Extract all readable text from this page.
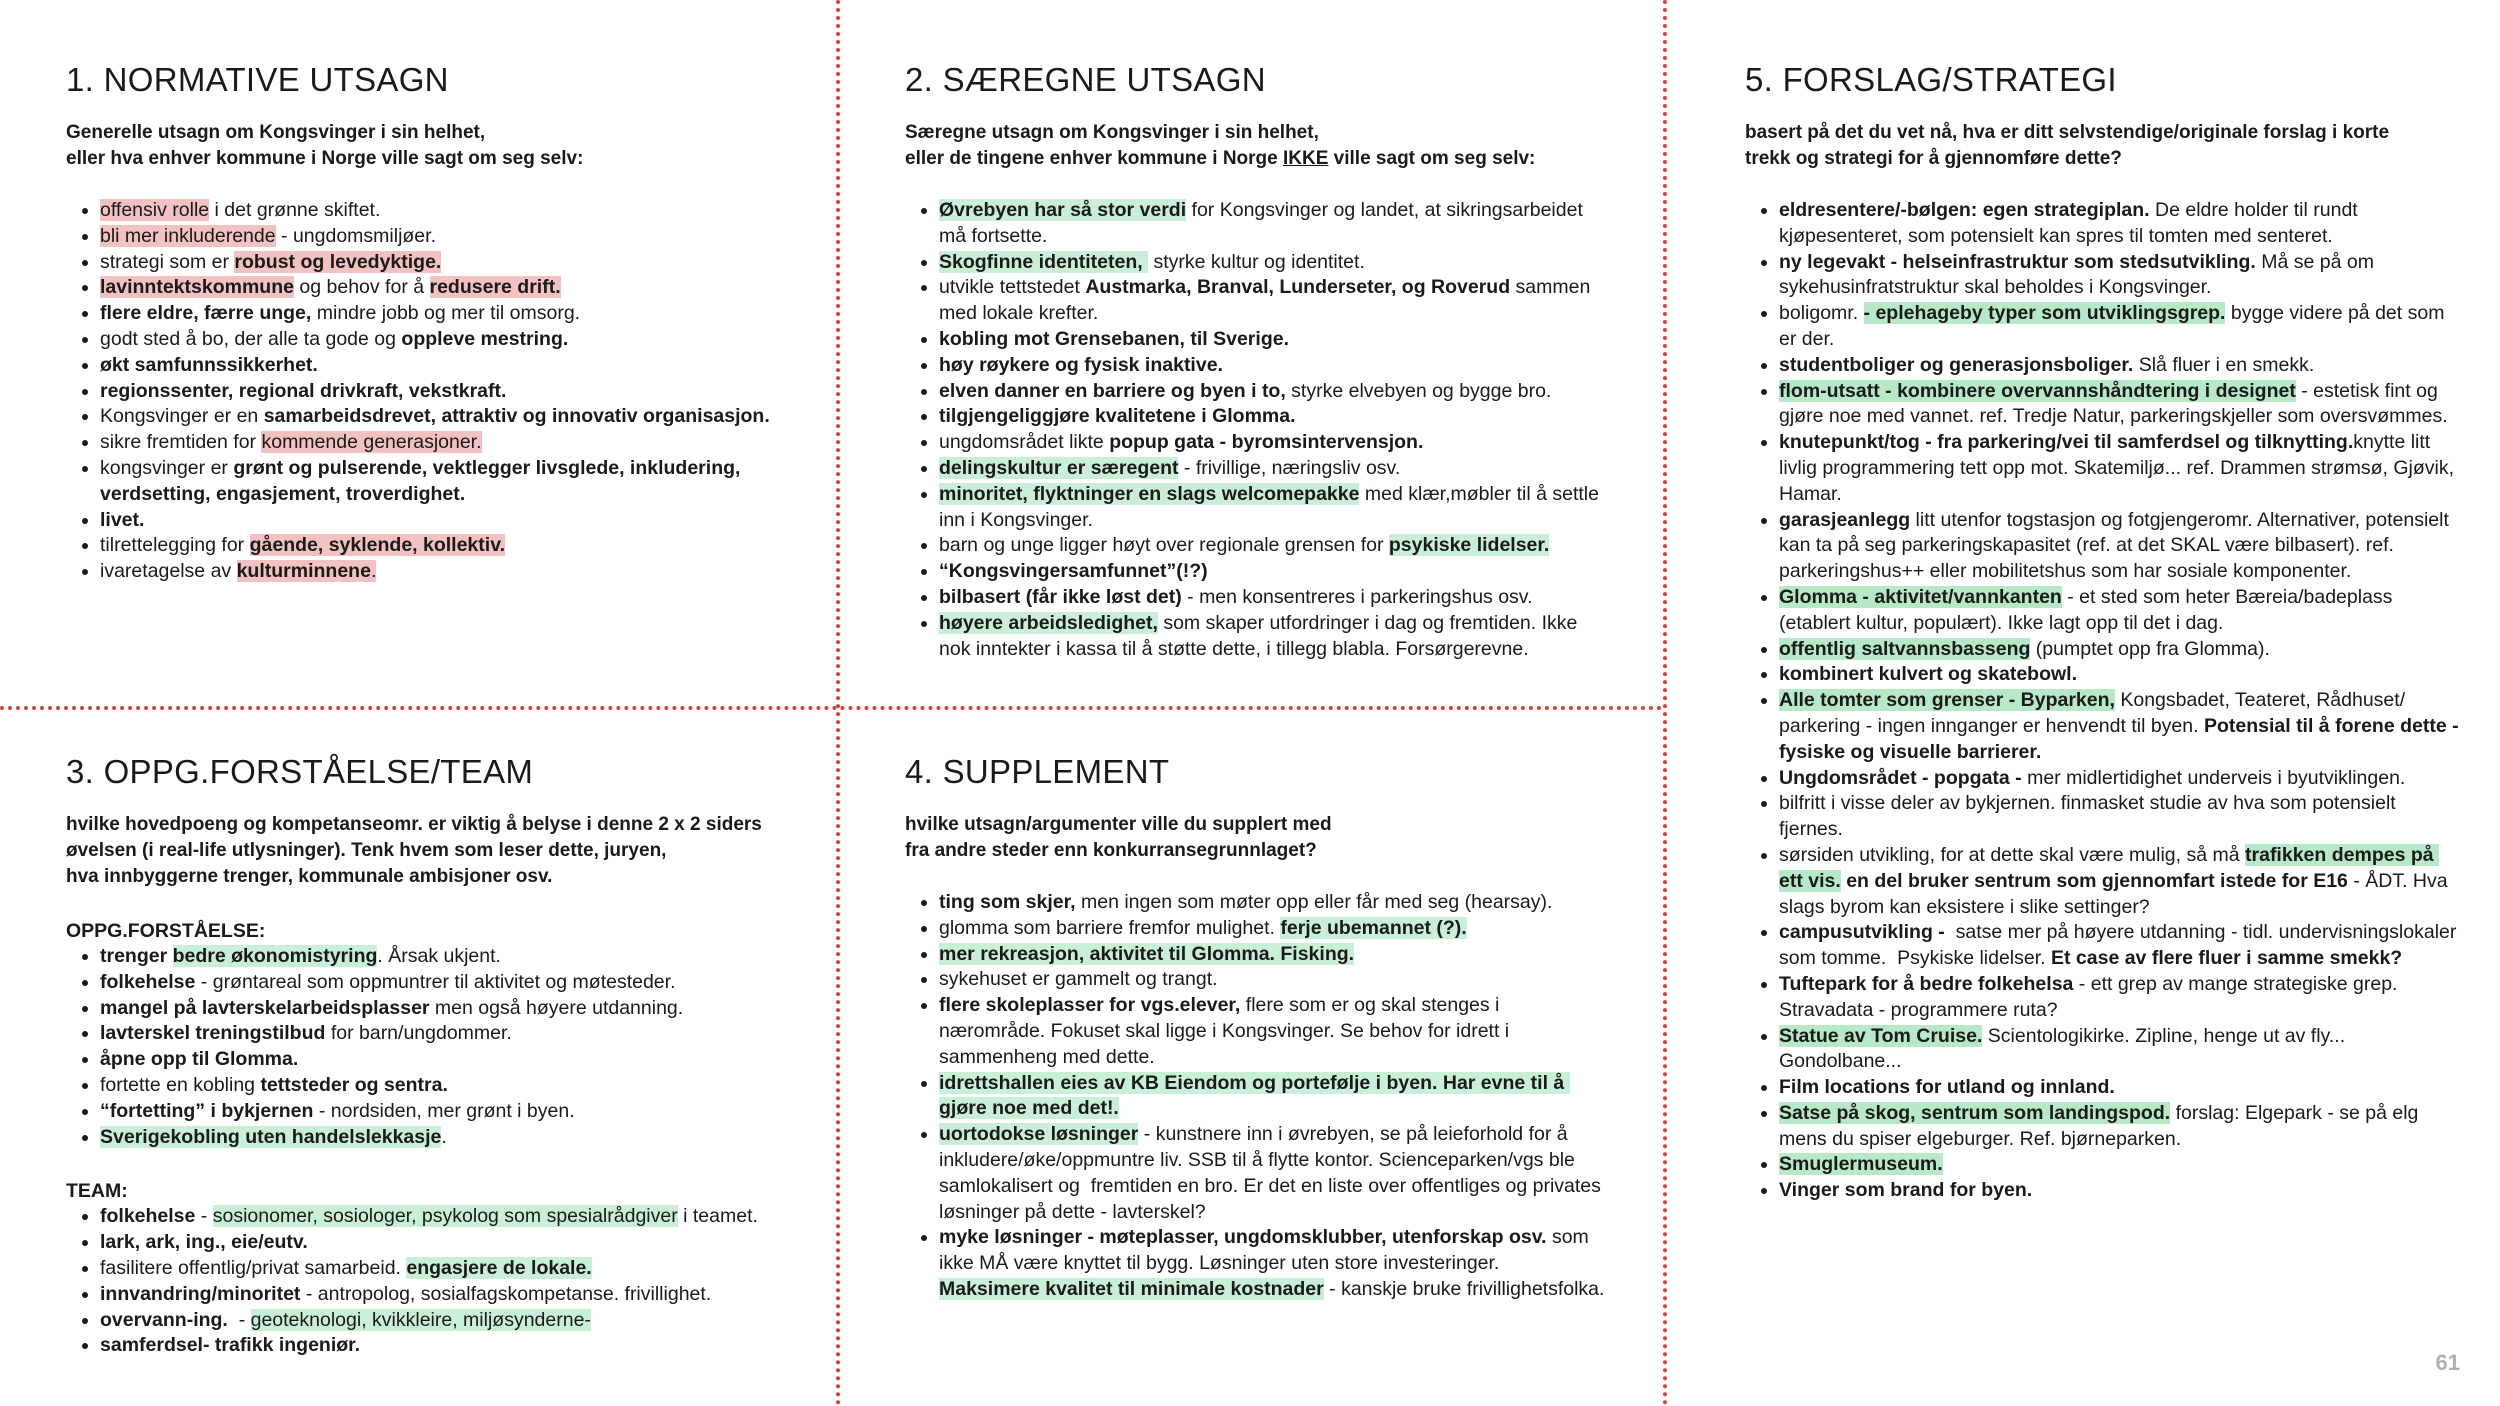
1. NORMATIVE UTSAGN
Generelle utsagn om Kongsvinger i sin helhet,
eller hva enhver kommune i Norge ville sagt om seg selv:
• offensiv rolle i det grønne skiftet.
• bli mer inkluderende - ungdomsmiljøer.
• strategi som er robust og levedyktige.
• lavinntektskommune og behov for å redusere drift.
• flere eldre, færre unge, mindre jobb og mer til omsorg.
• godt sted å bo, der alle ta gode og oppleve mestring.
• økt samfunnssikkerhet.
• regionssenter, regional drivkraft, vekstkraft.
• Kongsvinger er en samarbeidsdrevet, attraktiv og innovativ organisasjon.
• sikre fremtiden for kommende generasjoner.
• kongsvinger er grønt og pulserende, vektlegger livsglede, inkludering, verdsetting, engasjement, troverdighet.
• livet.
• tilrettelegging for gående, syklende, kollektiv.
• ivaretagelse av kulturminnene.
2. SÆREGNE UTSAGN
Særegne utsagn om Kongsvinger i sin helhet,
eller de tingene enhver kommune i Norge IKKE ville sagt om seg selv:
• Øvrebyen har så stor verdi for Kongsvinger og landet, at sikringsarbeidet må fortsette.
• Skogfinne identiteten,  styrke kultur og identitet.
• utvikle tettstedet Austmarka, Branval, Lunderseter, og Roverud sammen med lokale krefter.
• kobling mot Grensebanen, til Sverige.
• høy røykere og fysisk inaktive.
• elven danner en barriere og byen i to, styrke elvebyen og bygge bro.
• tilgjengeliggjøre kvalitetene i Glomma.
• ungdomsrådet likte popup gata - byromsintervensjon.
• delingskultur er særegent - frivillige, næringsliv osv.
• minoritet, flyktninger en slags welcomepakke med klær,møbler til å settle inn i Kongsvinger.
• barn og unge ligger høyt over regionale grensen for psykiske lidelser.
• “Kongsvingersamfunnet”(!?)
• bilbasert (får ikke løst det) - men konsentreres i parkeringshus osv.
• høyere arbeidsledighet, som skaper utfordringer i dag og fremtiden. Ikke nok inntekter i kassa til å støtte dette, i tillegg blabla. Forsørgerevne.
3. OPPG.FORSTÅELSE/TEAM
hvilke hovedpoeng og kompetanseomr. er viktig å belyse i denne 2 x 2 siders
øvelsen (i real-life utlysninger). Tenk hvem som leser dette, juryen,
hva innbyggerne trenger, kommunale ambisjoner osv.
OPPG.FORSTÅELSE:
• trenger bedre økonomistyring. Årsak ukjent.
• folkehelse - grøntareal som oppmuntrer til aktivitet og møtesteder.
• mangel på lavterskelarbeidsplasser men også høyere utdanning.
• lavterskel treningstilbud for barn/ungdommer.
• åpne opp til Glomma.
• fortette en kobling tettsteder og sentra.
• “fortetting” i bykjernen - nordsiden, mer grønt i byen.
• Sverigekobling uten handelslekkasje.
TEAM:
• folkehelse - sosionomer, sosiologer, psykolog som spesialrådgiver i teamet.
• lark, ark, ing., eie/eutv.
• fasilitere offentlig/privat samarbeid. engasjere de lokale.
• innvandring/minoritet - antropolog, sosialfagskompetanse. frivillighet.
• overvann-ing.  - geoteknologi, kvikkleire, miljøsynderne-
• samferdsel- trafikk ingeniør.
4. SUPPLEMENT
hvilke utsagn/argumenter ville du supplert med
fra andre steder enn konkurransegrunnlaget?
• ting som skjer, men ingen som møter opp eller får med seg (hearsay).
• glomma som barriere fremfor mulighet. ferje ubemannet (?).
• mer rekreasjon, aktivitet til Glomma. Fisking.
• sykehuset er gammelt og trangt.
• flere skoleplasser for vgs.elever, flere som er og skal stenges i nærområde. Fokuset skal ligge i Kongsvinger. Se behov for idrett i sammenheng med dette.
• idrettshallen eies av KB Eiendom og portefølje i byen. Har evne til å gjøre noe med det!.
• uortodokse løsninger - kunstnere inn i øvrebyen, se på leieforhold for å inkludere/øke/oppmuntre liv. SSB til å flytte kontor. Scienceparken/vgs ble samlokalisert og  fremtiden en bro. Er det en liste over offentliges og privates løsninger på dette - lavterskel?
• myke løsninger - møteplasser, ungdomsklubber, utenforskap osv. som ikke MÅ være knyttet til bygg. Løsninger uten store investeringer. Maksimere kvalitet til minimale kostnader - kanskje bruke frivillighetsfolka.
5. FORSLAG/STRATEGI
basert på det du vet nå, hva er ditt selvstendige/originale forslag i korte
trekk og strategi for å gjennomføre dette?
• eldresentere/-bølgen: egen strategiplan. De eldre holder til rundt kjøpesenteret, som potensielt kan spres til tomten med senteret.
• ny legevakt - helseinfrastruktur som stedsutvikling. Må se på om sykehusinfratstruktur skal beholdes i Kongsvinger.
• boligomr. - eplehageby typer som utviklingsgrep. bygge videre på det som er der.
• studentboliger og generasjonsboliger. Slå fluer i en smekk.
• flom-utsatt - kombinere overvannshåndtering i designet - estetisk fint og gjøre noe med vannet. ref. Tredje Natur, parkeringskjeller som oversvømmes.
• knutepunkt/tog - fra parkering/vei til samferdsel og tilknytting.knytte litt livlig programmering tett opp mot. Skatemiljø... ref. Drammen strømsø, Gjøvik, Hamar.
• garasjeanlegg litt utenfor togstasjon og fotgjengeromr. Alternativer, potensielt kan ta på seg parkeringskapasitet (ref. at det SKAL være bilbasert). ref. parkeringshus++ eller mobilitetshus som har sosiale komponenter.
• Glomma - aktivitet/vannkanten - et sted som heter Bæreia/badeplass (etablert kultur, populært). Ikke lagt opp til det i dag.
• offentlig saltvannsbasseng (pumptet opp fra Glomma).
• kombinert kulvert og skatebowl.
• Alle tomter som grenser - Byparken, Kongsbadet, Teateret, Rådhuset/ parkering - ingen innganger er henvendt til byen. Potensial til å forene dette - fysiske og visuelle barrierer.
• Ungdomsrådet - popgata - mer midlertidighet underveis i byutviklingen.
• bilfritt i visse deler av bykjernen. finmasket studie av hva som potensielt fjernes.
• sørsiden utvikling, for at dette skal være mulig, så må trafikken dempes på ett vis. en del bruker sentrum som gjennomfart istede for E16 - ÅDT. Hva slags byrom kan eksistere i slike settinger?
• campusutvikling -  satse mer på høyere utdanning - tidl. undervisningslokaler som tomme.  Psykiske lidelser. Et case av flere fluer i samme smekk?
• Tuftepark for å bedre folkehelsa - ett grep av mange strategiske grep. Stravadata - programmere ruta?
• Statue av Tom Cruise. Scientologikirke. Zipline, henge ut av fly... Gondolbane...
• Film locations for utland og innland.
• Satse på skog, sentrum som landingspod. forslag: Elgepark - se på elg mens du spiser elgeburger. Ref. bjørneparken.
• Smuglermuseum.
• Vinger som brand for byen.
61
